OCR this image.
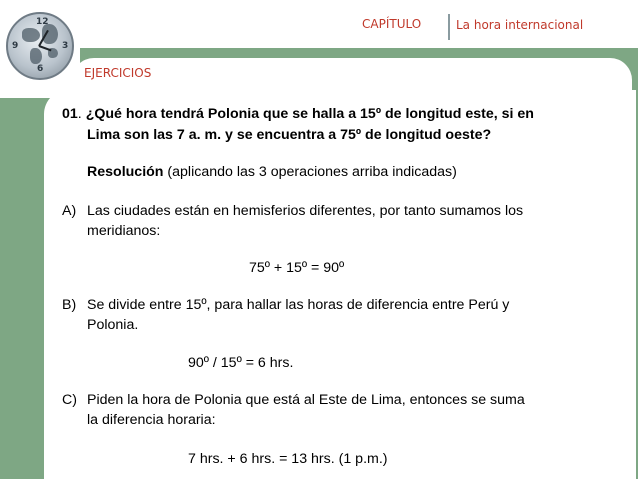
12
9	3
6
CAPÍTULO	La hora internacional
EJERCICIOS
01. ¿Qué hora tendrá Polonia que se halla a 15º de longitud este, si en
Lima son las 7 a. m. y se encuentra a 75º de longitud oeste?
Resolución (aplicando las 3 operaciones arriba indicadas)
A) Las ciudades están en hemisferios diferentes, por tanto sumamos los
meridianos:
75º + 15º = 90º
B) Se divide entre 15º, para hallar las horas de diferencia entre Perú y
Polonia.
90º / 15º = 6 hrs.
C) Piden la hora de Polonia que está al Este de Lima, entonces se suma
la diferencia horaria:
7 hrs. + 6 hrs. = 13 hrs. (1 p.m.)
